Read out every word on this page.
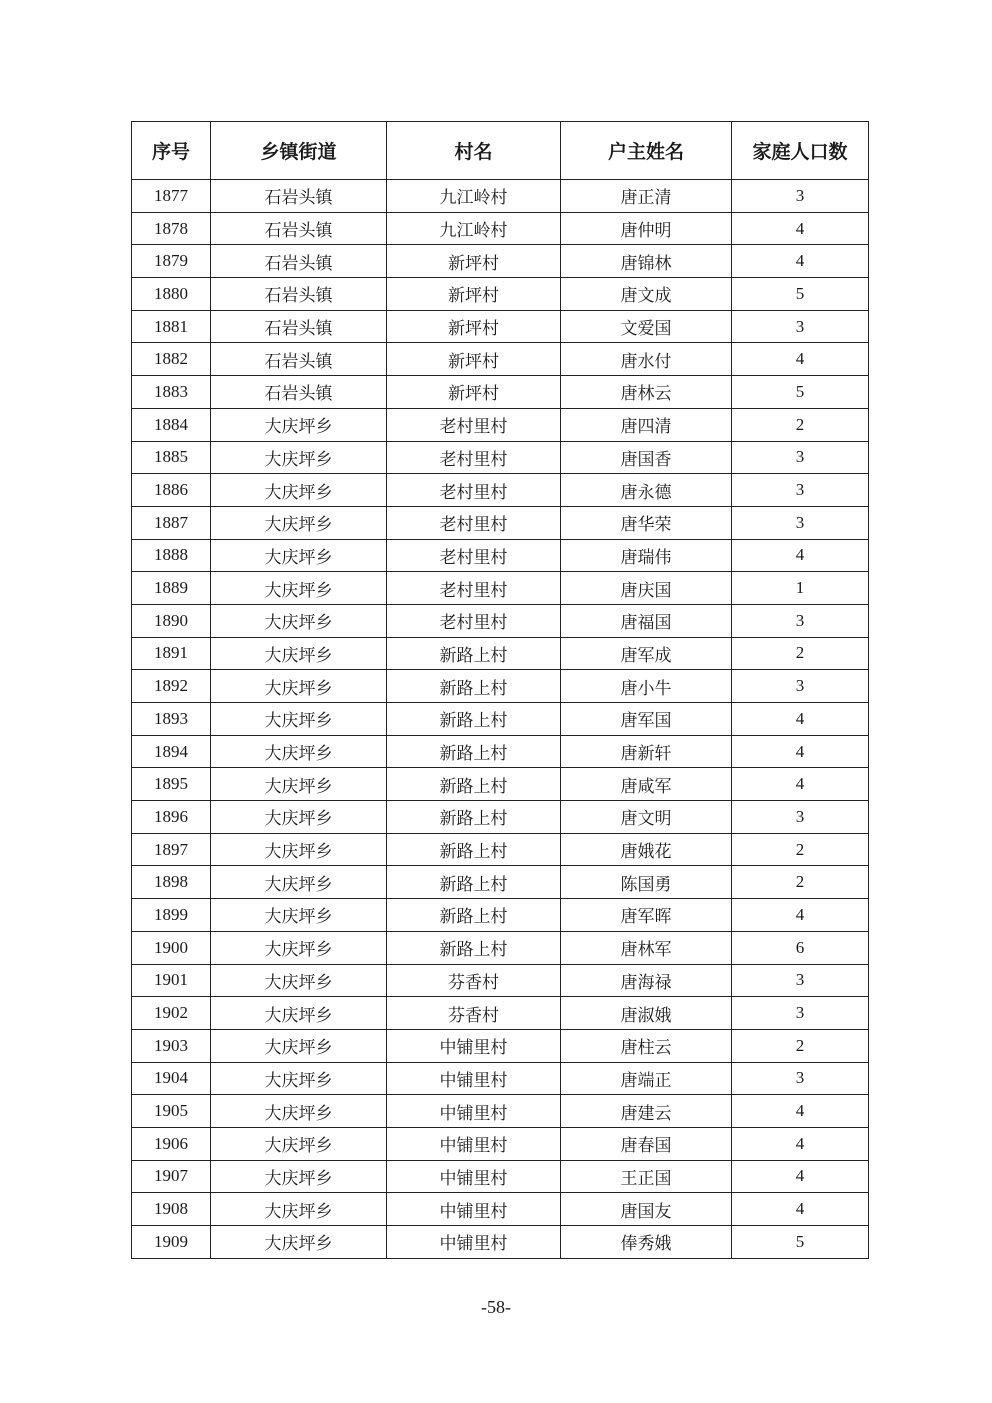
序号	乡镇街道	村名	户主姓名	家庭人口数
1877	石岩头镇	九江岭村	唐正清	3
1878	石岩头镇	九江岭村	唐仲明	4
1879	石岩头镇	新坪村	唐锦林	4
1880	石岩头镇	新坪村	唐文成	5
1881	石岩头镇	新坪村	文爱国	3
1882	石岩头镇	新坪村	唐水付	4
1883	石岩头镇	新坪村	唐林云	5
1884	大庆坪乡	老村里村	唐四清	2
1885	大庆坪乡	老村里村	唐国香	3
1886	大庆坪乡	老村里村	唐永德	3
1887	大庆坪乡	老村里村	唐华荣	3
1888	大庆坪乡	老村里村	唐瑞伟	4
1889	大庆坪乡	老村里村	唐庆国	1
1890	大庆坪乡	老村里村	唐福国	3
1891	大庆坪乡	新路上村	唐军成	2
1892	大庆坪乡	新路上村	唐小牛	3
1893	大庆坪乡	新路上村	唐军国	4
1894	大庆坪乡	新路上村	唐新轩	4
1895	大庆坪乡	新路上村	唐咸军	4
1896	大庆坪乡	新路上村	唐文明	3
1897	大庆坪乡	新路上村	唐娥花	2
1898	大庆坪乡	新路上村	陈国勇	2
1899	大庆坪乡	新路上村	唐军晖	4
1900	大庆坪乡	新路上村	唐林军	6
1901	大庆坪乡	芬香村	唐海禄	3
1902	大庆坪乡	芬香村	唐淑娥	3
1903	大庆坪乡	中铺里村	唐柱云	2
1904	大庆坪乡	中铺里村	唐端正	3
1905	大庆坪乡	中铺里村	唐建云	4
1906	大庆坪乡	中铺里村	唐春国	4
1907	大庆坪乡	中铺里村	王正国	4
1908	大庆坪乡	中铺里村	唐国友	4
1909	大庆坪乡	中铺里村	俸秀娥	5
-58-
